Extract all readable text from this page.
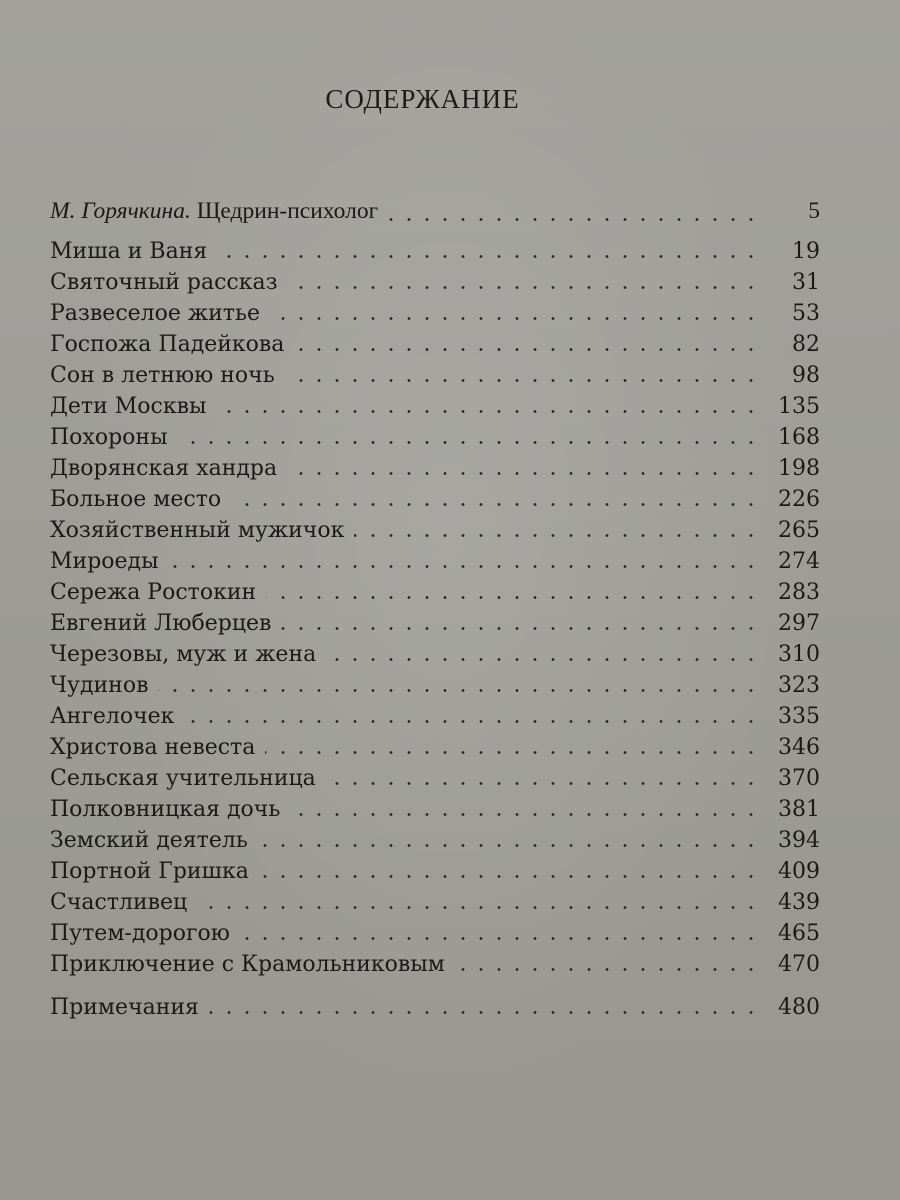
СОДЕРЖАНИЕ
М. Горячкина. Щедрин-психолог	5
Миша и Ваня	19
Святочный рассказ	31
Развеселое житье	53
Госпожа Падейкова	82
Сон в летнюю ночь	98
Дети Москвы	135
Похороны	168
Дворянская хандра	198
Больное место	226
Хозяйственный мужичок	265
Мироеды	274
Сережа Ростокин	283
Евгений Люберцев	297
Черезовы, муж и жена	310
Чудинов	323
Ангелочек	335
Христова невеста	346
Сельская учительница	370
Полковницкая дочь	381
Земский деятель	394
Портной Гришка	409
Счастливец	439
Путем-дорогою	465
Приключение с Крамольниковым	470
Примечания	480
